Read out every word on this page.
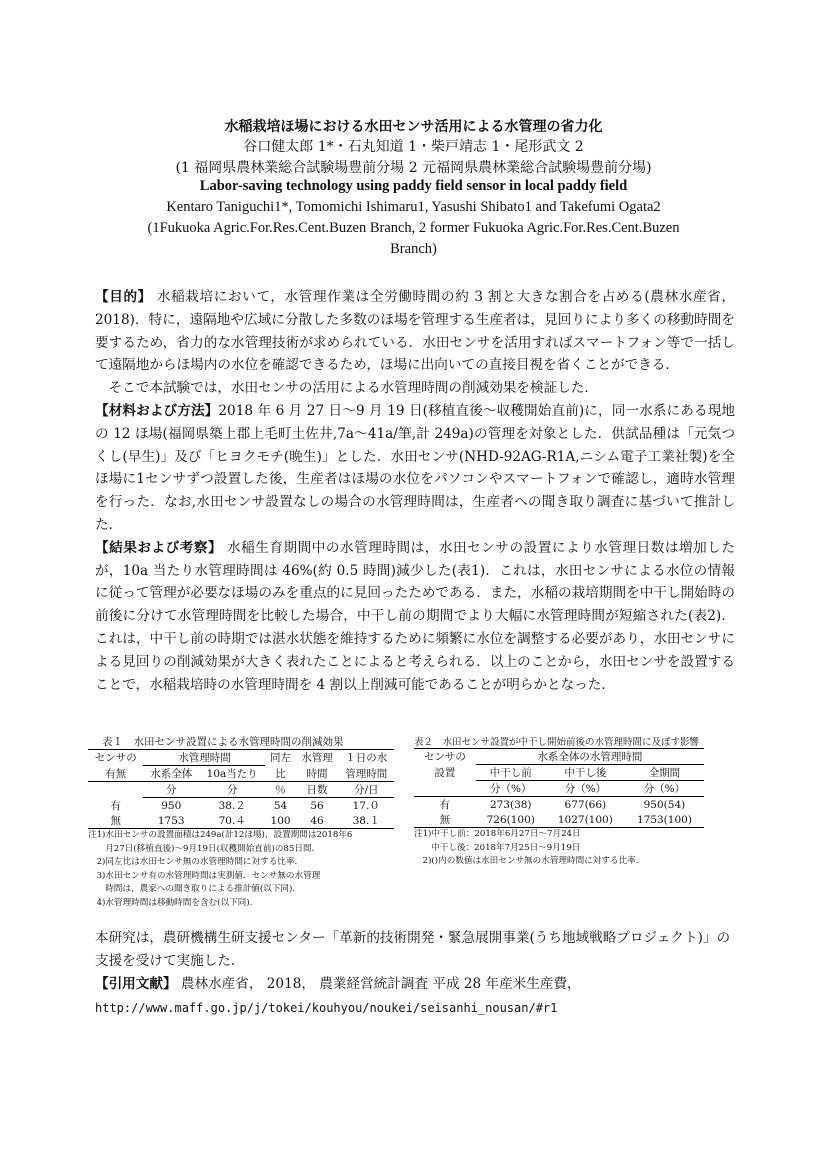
水稲栽培ほ場における水田センサ活用による水管理の省力化
谷口健太郎 1*・石丸知道 1・柴戸靖志 1・尾形武文 2
(1 福岡県農林業総合試験場豊前分場 2 元福岡県農林業総合試験場豊前分場)
Labor-saving technology using paddy field sensor in local paddy field
Kentaro Taniguchi1*, Tomomichi Ishimaru1, Yasushi Shibato1 and Takefumi Ogata2
(1Fukuoka Agric.For.Res.Cent.Buzen Branch, 2 former Fukuoka Agric.For.Res.Cent.Buzen
Branch)

【目的】 水稲栽培において，水管理作業は全労働時間の約 3 割と大きな割合を占める(農林水産省，2018)．特に，遠隔地や広域に分散した多数のほ場を管理する生産者は，見回りにより多くの移動時間を要するため，省力的な水管理技術が求められている．水田センサを活用すればスマートフォン等で一括して遠隔地からほ場内の水位を確認できるため，ほ場に出向いての直接目視を省くことができる．

そこで本試験では，水田センサの活用による水管理時間の削減効果を検証した．

【材料および方法】2018 年 6 月 27 日～9 月 19 日(移植直後～収穫開始直前)に，同一水系にある現地の 12 ほ場(福岡県築上郡上毛町土佐井,7a～41a/筆,計 249a)の管理を対象とした．供試品種は「元気つくし(早生)」及び「ヒヨクモチ(晩生)」とした．水田センサ(NHD-92AG-R1A,ニシム電子工業社製)を全ほ場に1センサずつ設置した後，生産者はほ場の水位をパソコンやスマートフォンで確認し，適時水管理を行った．なお,水田センサ設置なしの場合の水管理時間は，生産者への聞き取り調査に基づいて推計した．

【結果および考察】 水稲生育期間中の水管理時間は，水田センサの設置により水管理日数は増加したが，10a 当たり水管理時間は 46%(約 0.5 時間)減少した(表1)．これは，水田センサによる水位の情報に従って管理が必要なほ場のみを重点的に見回ったためである．また，水稲の栽培期間を中干し開始時の前後に分けて水管理時間を比較した場合，中干し前の期間でより大幅に水管理時間が短縮された(表2)． これは，中干し前の時期では湛水状態を維持するために頻繁に水位を調整する必要があり，水田センサによる見回りの削減効果が大きく表れたことによると考えられる．以上のことから，水田センサを設置することで，水稲栽培時の水管理時間を 4 割以上削減可能であることが明らかとなった．

表１　水田センサ設置による水管理時間の削減効果
センサの	水管理時間		同左	水管理	１日の水
有無	水系全体	10a当たり	比	時間	管理時間
	分	分	％	日数	分/日
有	950	38.２	54	56	17.０
無	1753	70.４	100	46	38.１
注1)水田センサの設置面積は249a(計12ほ場)，設置期間は2018年6
　　月27日(移植直後)～9月19日(収穫開始直前)の85日間.
　2)同左比は水田センサ無の水管理時間に対する比率.
　3)水田センサ有の水管理時間は実測値．センサ無の水管理
　　時間は，農家への聞き取りによる推計値(以下同).
　4)水管理時間は移動時間を含む(以下同).
表２　水田センサ設置が中干し開始前後の水管理時間に及ぼす影響
センサの	水系全体の水管理時間		
設置	中干し前	中干し後	全期間
	分（%）	分（%）	分（%）
有	273(38)	677(66)	950(54)
無	726(100)	1027(100)	1753(100)
注1)中干し前：2018年6月27日～7月24日
　　中干し後：2018年7月25日～9月19日
　2)()内の数値は水田センサ無の水管理時間に対する比率.
本研究は，農研機構生研支援センター「革新的技術開発・緊急展開事業(うち地域戦略プロジェクト)」の支援を受けて実施した．
【引用文献】 農林水産省， 2018， 農業経営統計調査 平成 28 年産米生産費，
http://www.maff.go.jp/j/tokei/kouhyou/noukei/seisanhi_nousan/#r1
